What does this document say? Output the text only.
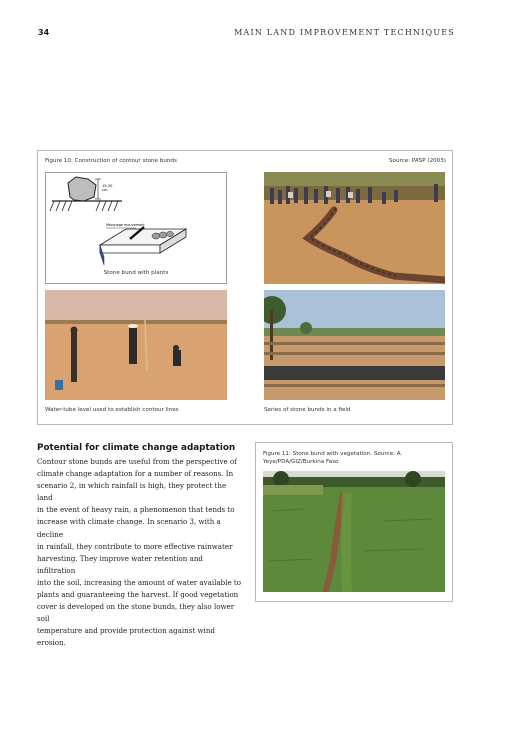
34	MAIN LAND IMPROVEMENT TECHNIQUES
Figure 10: Construction of contour stone bunds	Source: PASP (2003)
15-20
cm
Marquage mouvement
Stone bund with plants
Water-tube level used to establish contour lines	Series of stone bunds in a field
Potential for climate change adaptation
Contour stone bunds are useful from the perspective of
climate change adaptation for a number of reasons. In
scenario 2, in which rainfall is high, they protect the land
in the event of heavy rain, a phenomenon that tends to
increase with climate change. In scenario 3, with a decline
in rainfall, they contribute to more effective rainwater
harvesting. They improve water retention and infiltration
into the soil, increasing the amount of water available to
plants and guaranteeing the harvest. If good vegetation
cover is developed on the stone bunds, they also lower soil
temperature and provide protection against wind erosion.
Figure 11: Stone bund with vegetation. Source: A. Yeye/PDA/GIZ/Burkina Faso
